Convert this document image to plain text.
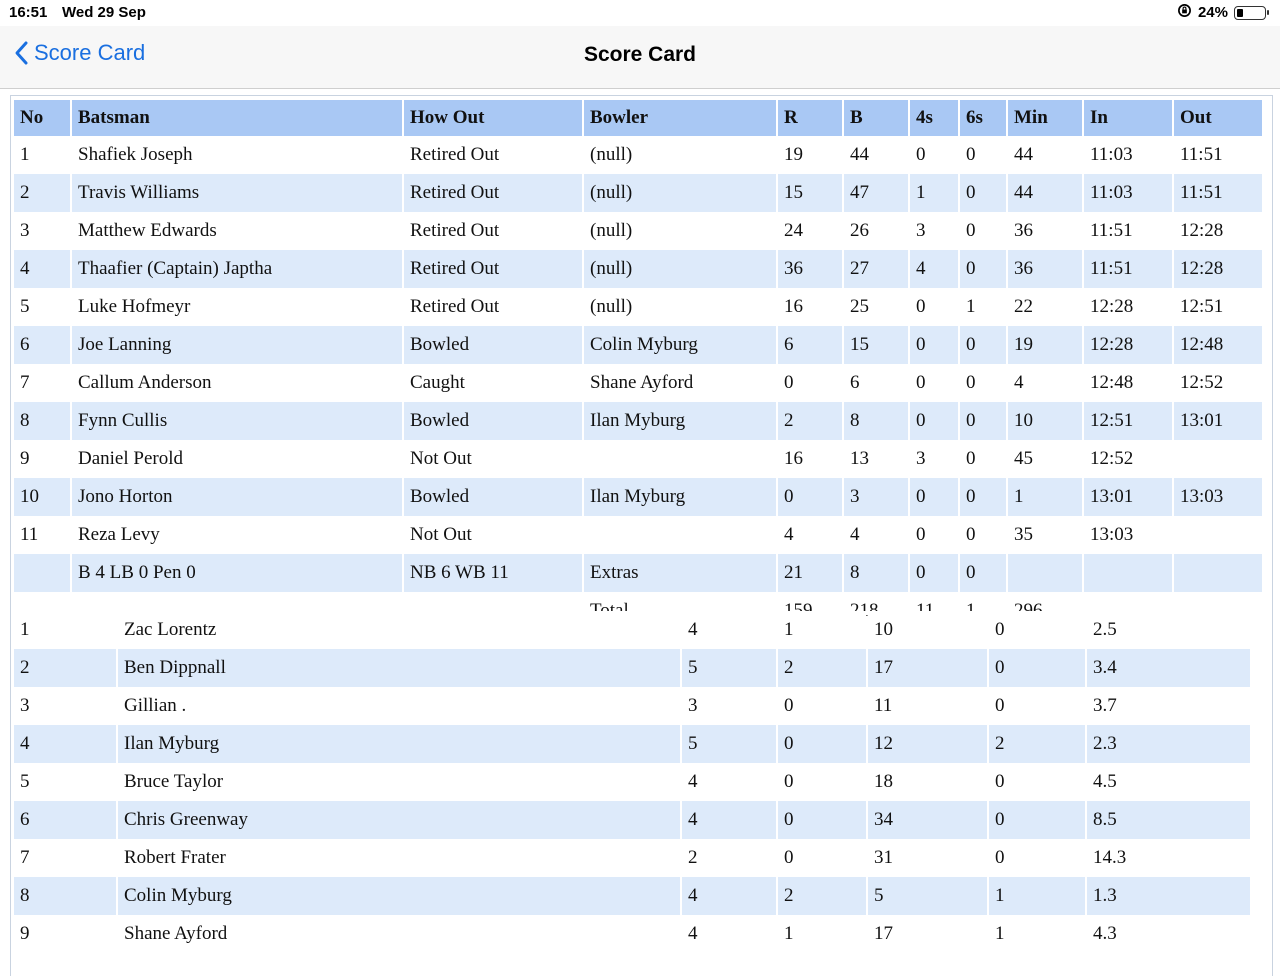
16:51 Wed 29 Sep	24%
Score Card	Score Card
No	Batsman	How Out	Bowler	R	B	4s	6s	Min	In	Out
1	Shafiek Joseph	Retired Out	(null)	19	44	0	0	44	11:03	11:51
2	Travis Williams	Retired Out	(null)	15	47	1	0	44	11:03	11:51
3	Matthew Edwards	Retired Out	(null)	24	26	3	0	36	11:51	12:28
4	Thaafier (Captain) Japtha	Retired Out	(null)	36	27	4	0	36	11:51	12:28
5	Luke Hofmeyr	Retired Out	(null)	16	25	0	1	22	12:28	12:51
6	Joe Lanning	Bowled	Colin Myburg	6	15	0	0	19	12:28	12:48
7	Callum Anderson	Caught	Shane Ayford	0	6	0	0	4	12:48	12:52
8	Fynn Cullis	Bowled	Ilan Myburg	2	8	0	0	10	12:51	13:01
9	Daniel Perold	Not Out		16	13	3	0	45	12:52	
10	Jono Horton	Bowled	Ilan Myburg	0	3	0	0	1	13:01	13:03
11	Reza Levy	Not Out		4	4	0	0	35	13:03	
	B 4 LB 0 Pen 0	NB 6 WB 11	Extras	21	8	0	0			

1	Zac Lorentz	4	1	10	0	2.5
2	Ben Dippnall	5	2	17	0	3.4
3	Gillian .	3	0	11	0	3.7
4	Ilan Myburg	5	0	12	2	2.3
5	Bruce Taylor	4	0	18	0	4.5
6	Chris Greenway	4	0	34	0	8.5
7	Robert Frater	2	0	31	0	14.3
8	Colin Myburg	4	2	5	1	1.3
9	Shane Ayford	4	1	17	1	4.3
